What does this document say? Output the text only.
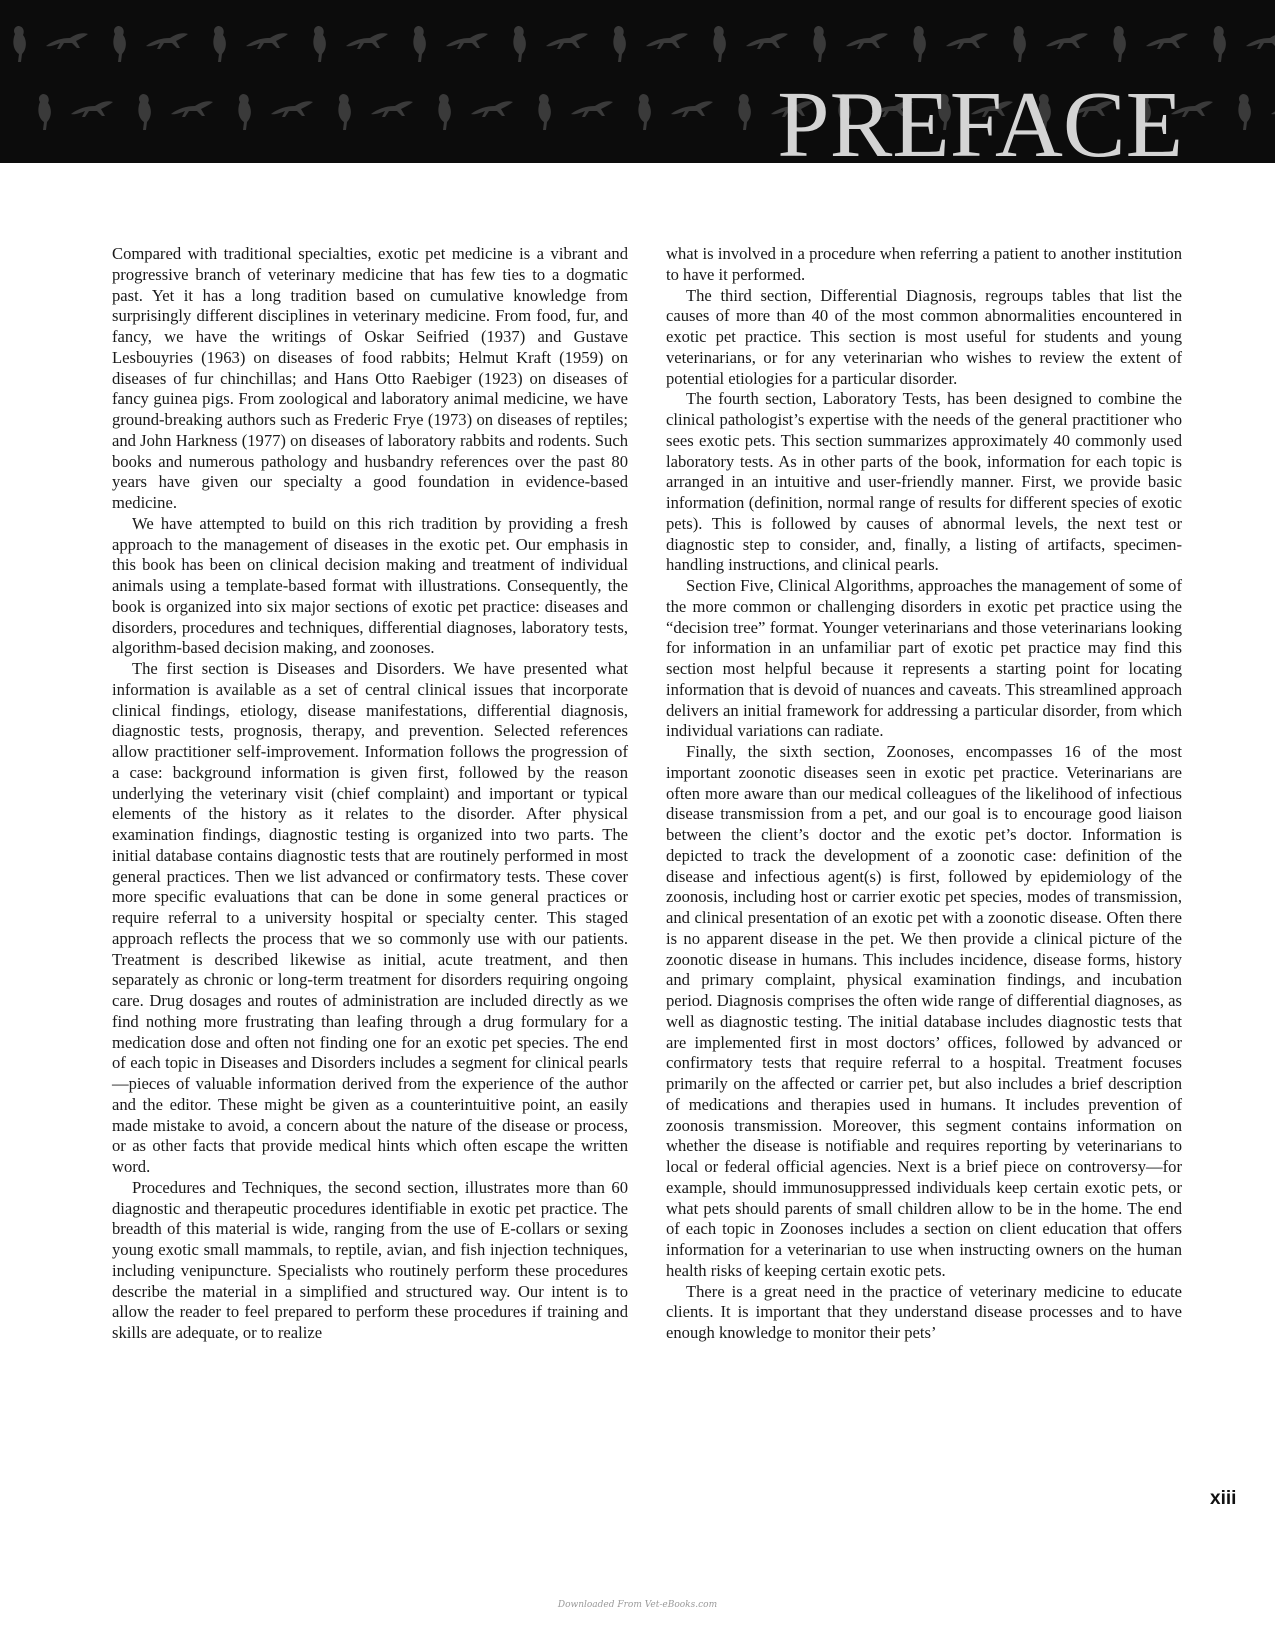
PREFACE

Compared with traditional specialties, exotic pet medicine is a vibrant and progressive branch of veterinary medicine that has few ties to a dogmatic past. Yet it has a long tradition based on cumulative knowledge from surprisingly different disciplines in veterinary medicine. From food, fur, and fancy, we have the writings of Oskar Seifried (1937) and Gustave Lesbouyries (1963) on diseases of food rabbits; Helmut Kraft (1959) on diseases of fur chinchillas; and Hans Otto Raebiger (1923) on diseases of fancy guinea pigs. From zoological and laboratory animal medicine, we have ground-breaking authors such as Frederic Frye (1973) on diseases of reptiles; and John Harkness (1977) on diseases of laboratory rabbits and rodents. Such books and numerous pathology and husbandry references over the past 80 years have given our specialty a good foundation in evidence-based medicine.

We have attempted to build on this rich tradition by providing a fresh approach to the management of diseases in the exotic pet. Our emphasis in this book has been on clinical decision making and treatment of individual animals using a template-based format with illustrations. Consequently, the book is organized into six major sections of exotic pet practice: diseases and disorders, procedures and techniques, differential diagnoses, laboratory tests, algorithm-based decision making, and zoonoses.

The first section is Diseases and Disorders. We have presented what information is available as a set of central clinical issues that incorporate clinical findings, etiology, disease manifestations, differential diagnosis, diagnostic tests, prognosis, therapy, and prevention. Selected references allow practitioner self-improvement. Information follows the progression of a case: background information is given first, followed by the reason underlying the veterinary visit (chief complaint) and important or typical elements of the history as it relates to the disorder. After physical examination findings, diagnostic testing is organized into two parts. The initial database contains diagnostic tests that are routinely performed in most general practices. Then we list advanced or confirmatory tests. These cover more specific evaluations that can be done in some general practices or require referral to a university hospital or specialty center. This staged approach reflects the process that we so commonly use with our patients. Treatment is described likewise as initial, acute treatment, and then separately as chronic or long-term treatment for disorders requiring ongoing care. Drug dosages and routes of administration are included directly as we find nothing more frustrating than leafing through a drug formulary for a medication dose and often not finding one for an exotic pet species. The end of each topic in Diseases and Disorders includes a segment for clinical pearls—pieces of valuable information derived from the experience of the author and the editor. These might be given as a counterintuitive point, an easily made mistake to avoid, a concern about the nature of the disease or process, or as other facts that provide medical hints which often escape the written word.

Procedures and Techniques, the second section, illustrates more than 60 diagnostic and therapeutic procedures identifiable in exotic pet practice. The breadth of this material is wide, ranging from the use of E-collars or sexing young exotic small mammals, to reptile, avian, and fish injection techniques, including venipuncture. Specialists who routinely perform these procedures describe the material in a simplified and structured way. Our intent is to allow the reader to feel prepared to perform these procedures if training and skills are adequate, or to realize

what is involved in a procedure when referring a patient to another institution to have it performed.

The third section, Differential Diagnosis, regroups tables that list the causes of more than 40 of the most common abnormalities encountered in exotic pet practice. This section is most useful for students and young veterinarians, or for any veterinarian who wishes to review the extent of potential etiologies for a particular disorder.

The fourth section, Laboratory Tests, has been designed to combine the clinical pathologist’s expertise with the needs of the general practitioner who sees exotic pets. This section summarizes approximately 40 commonly used laboratory tests. As in other parts of the book, information for each topic is arranged in an intuitive and user-friendly manner. First, we provide basic information (definition, normal range of results for different species of exotic pets). This is followed by causes of abnormal levels, the next test or diagnostic step to consider, and, finally, a listing of artifacts, specimen-handling instructions, and clinical pearls.

Section Five, Clinical Algorithms, approaches the management of some of the more common or challenging disorders in exotic pet practice using the “decision tree” format. Younger veterinarians and those veterinarians looking for information in an unfamiliar part of exotic pet practice may find this section most helpful because it represents a starting point for locating information that is devoid of nuances and caveats. This streamlined approach delivers an initial framework for addressing a particular disorder, from which individual variations can radiate.

Finally, the sixth section, Zoonoses, encompasses 16 of the most important zoonotic diseases seen in exotic pet practice. Veterinarians are often more aware than our medical colleagues of the likelihood of infectious disease transmission from a pet, and our goal is to encourage good liaison between the client’s doctor and the exotic pet’s doctor. Information is depicted to track the development of a zoonotic case: definition of the disease and infectious agent(s) is first, followed by epidemiology of the zoonosis, including host or carrier exotic pet species, modes of transmission, and clinical presentation of an exotic pet with a zoonotic disease. Often there is no apparent disease in the pet. We then provide a clinical picture of the zoonotic disease in humans. This includes incidence, disease forms, history and primary complaint, physical examination findings, and incubation period. Diagnosis comprises the often wide range of differential diagnoses, as well as diagnostic testing. The initial database includes diagnostic tests that are implemented first in most doctors’ offices, followed by advanced or confirmatory tests that require referral to a hospital. Treatment focuses primarily on the affected or carrier pet, but also includes a brief description of medications and therapies used in humans. It includes prevention of zoonosis transmission. Moreover, this segment contains information on whether the disease is notifiable and requires reporting by veterinarians to local or federal official agencies. Next is a brief piece on controversy—for example, should immunosuppressed individuals keep certain exotic pets, or what pets should parents of small children allow to be in the home. The end of each topic in Zoonoses includes a section on client education that offers information for a veterinarian to use when instructing owners on the human health risks of keeping certain exotic pets.

There is a great need in the practice of veterinary medicine to educate clients. It is important that they understand disease processes and to have enough knowledge to monitor their pets’

xiii
Downloaded From Vet-eBooks.com
